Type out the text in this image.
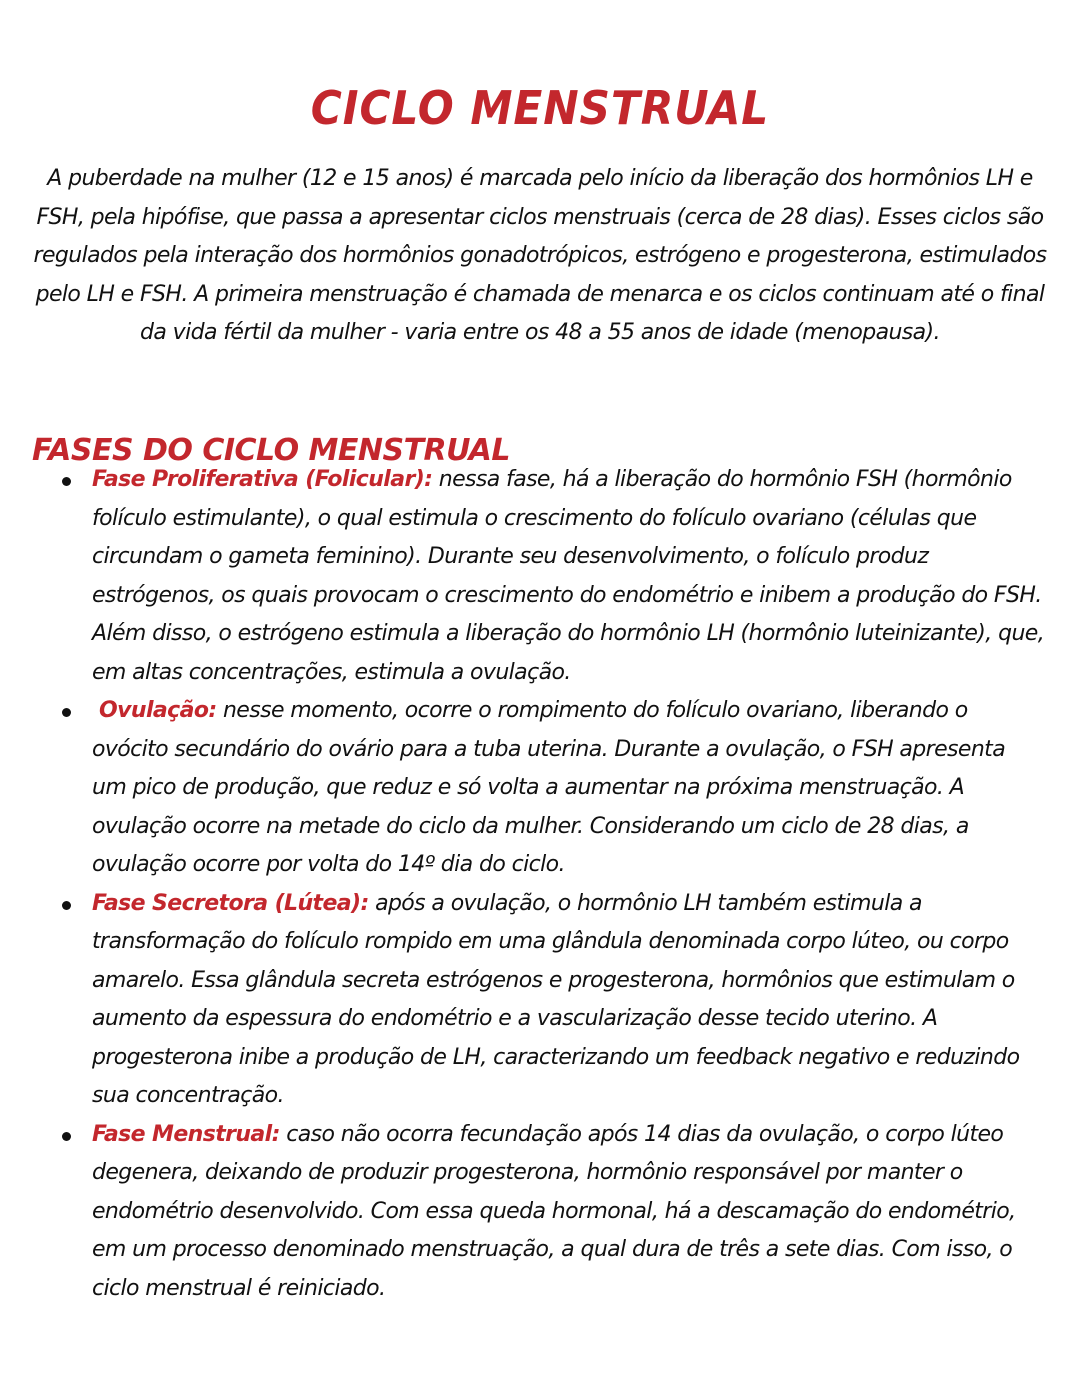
CICLO MENSTRUAL

A puberdade na mulher (12 e 15 anos) é marcada pelo início da liberação dos hormônios LH e FSH, pela hipófise, que passa a apresentar ciclos menstruais (cerca de 28 dias). Esses ciclos são regulados pela interação dos hormônios gonadotrópicos, estrógeno e progesterona, estimulados pelo LH e FSH. A primeira menstruação é chamada de menarca e os ciclos continuam até o final da vida fértil da mulher - varia entre os 48 a 55 anos de idade (menopausa).

FASES DO CICLO MENSTRUAL
Fase Proliferativa (Folicular): nessa fase, há a liberação do hormônio FSH (hormônio folículo estimulante), o qual estimula o crescimento do folículo ovariano (células que circundam o gameta feminino). Durante seu desenvolvimento, o folículo produz estrógenos, os quais provocam o crescimento do endométrio e inibem a produção do FSH. Além disso, o estrógeno estimula a liberação do hormônio LH (hormônio luteinizante), que, em altas concentrações, estimula a ovulação.
Ovulação: nesse momento, ocorre o rompimento do folículo ovariano, liberando o ovócito secundário do ovário para a tuba uterina. Durante a ovulação, o FSH apresenta um pico de produção, que reduz e só volta a aumentar na próxima menstruação. A ovulação ocorre na metade do ciclo da mulher. Considerando um ciclo de 28 dias, a ovulação ocorre por volta do 14º dia do ciclo.
Fase Secretora (Lútea): após a ovulação, o hormônio LH também estimula a transformação do folículo rompido em uma glândula denominada corpo lúteo, ou corpo amarelo. Essa glândula secreta estrógenos e progesterona, hormônios que estimulam o aumento da espessura do endométrio e a vascularização desse tecido uterino. A progesterona inibe a produção de LH, caracterizando um feedback negativo e reduzindo sua concentração.
Fase Menstrual: caso não ocorra fecundação após 14 dias da ovulação, o corpo lúteo degenera, deixando de produzir progesterona, hormônio responsável por manter o endométrio desenvolvido. Com essa queda hormonal, há a descamação do endométrio, em um processo denominado menstruação, a qual dura de três a sete dias. Com isso, o ciclo menstrual é reiniciado.
